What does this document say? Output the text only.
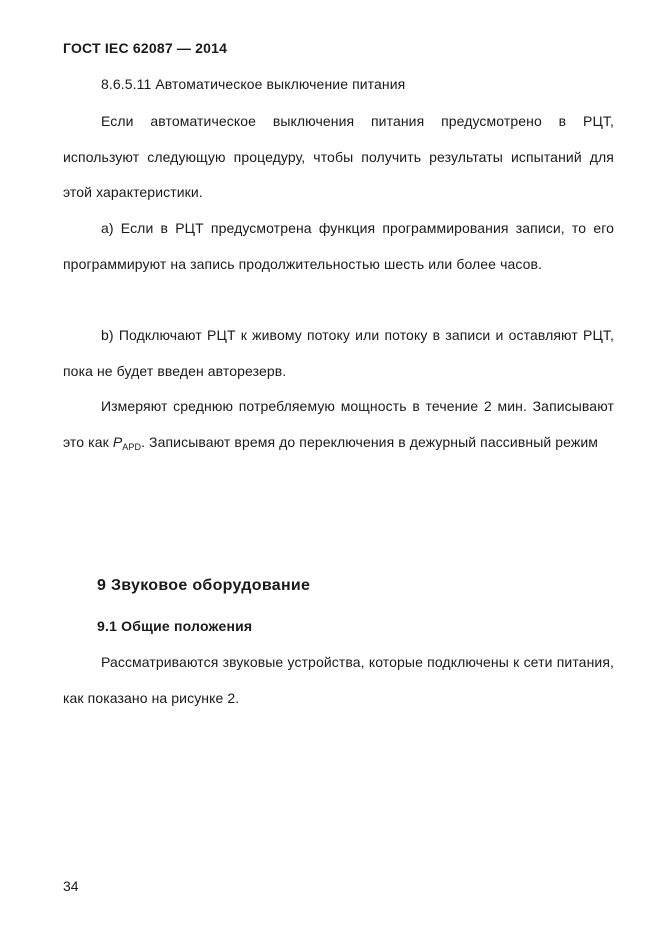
ГОСТ IEC 62087 — 2014
8.6.5.11 Автоматическое выключение питания

Если автоматическое выключения питания предусмотрено в РЦТ, используют следующую процедуру, чтобы получить результаты испытаний для этой характеристики.

а) Если в РЦТ предусмотрена функция программирования записи, то его программируют на запись продолжительностью шесть или более часов.

b) Подключают РЦТ к живому потоку или потоку в записи и оставляют РЦТ, пока не будет введен авторезерв.

Измеряют среднюю потребляемую мощность в течение 2 мин. Записывают это как $P_{APD}$. Записывают время до переключения в дежурный пассивный режим

9 Звуковое оборудование
9.1 Общие положения

Рассматриваются звуковые устройства, которые подключены к сети питания, как показано на рисунке 2.

34
